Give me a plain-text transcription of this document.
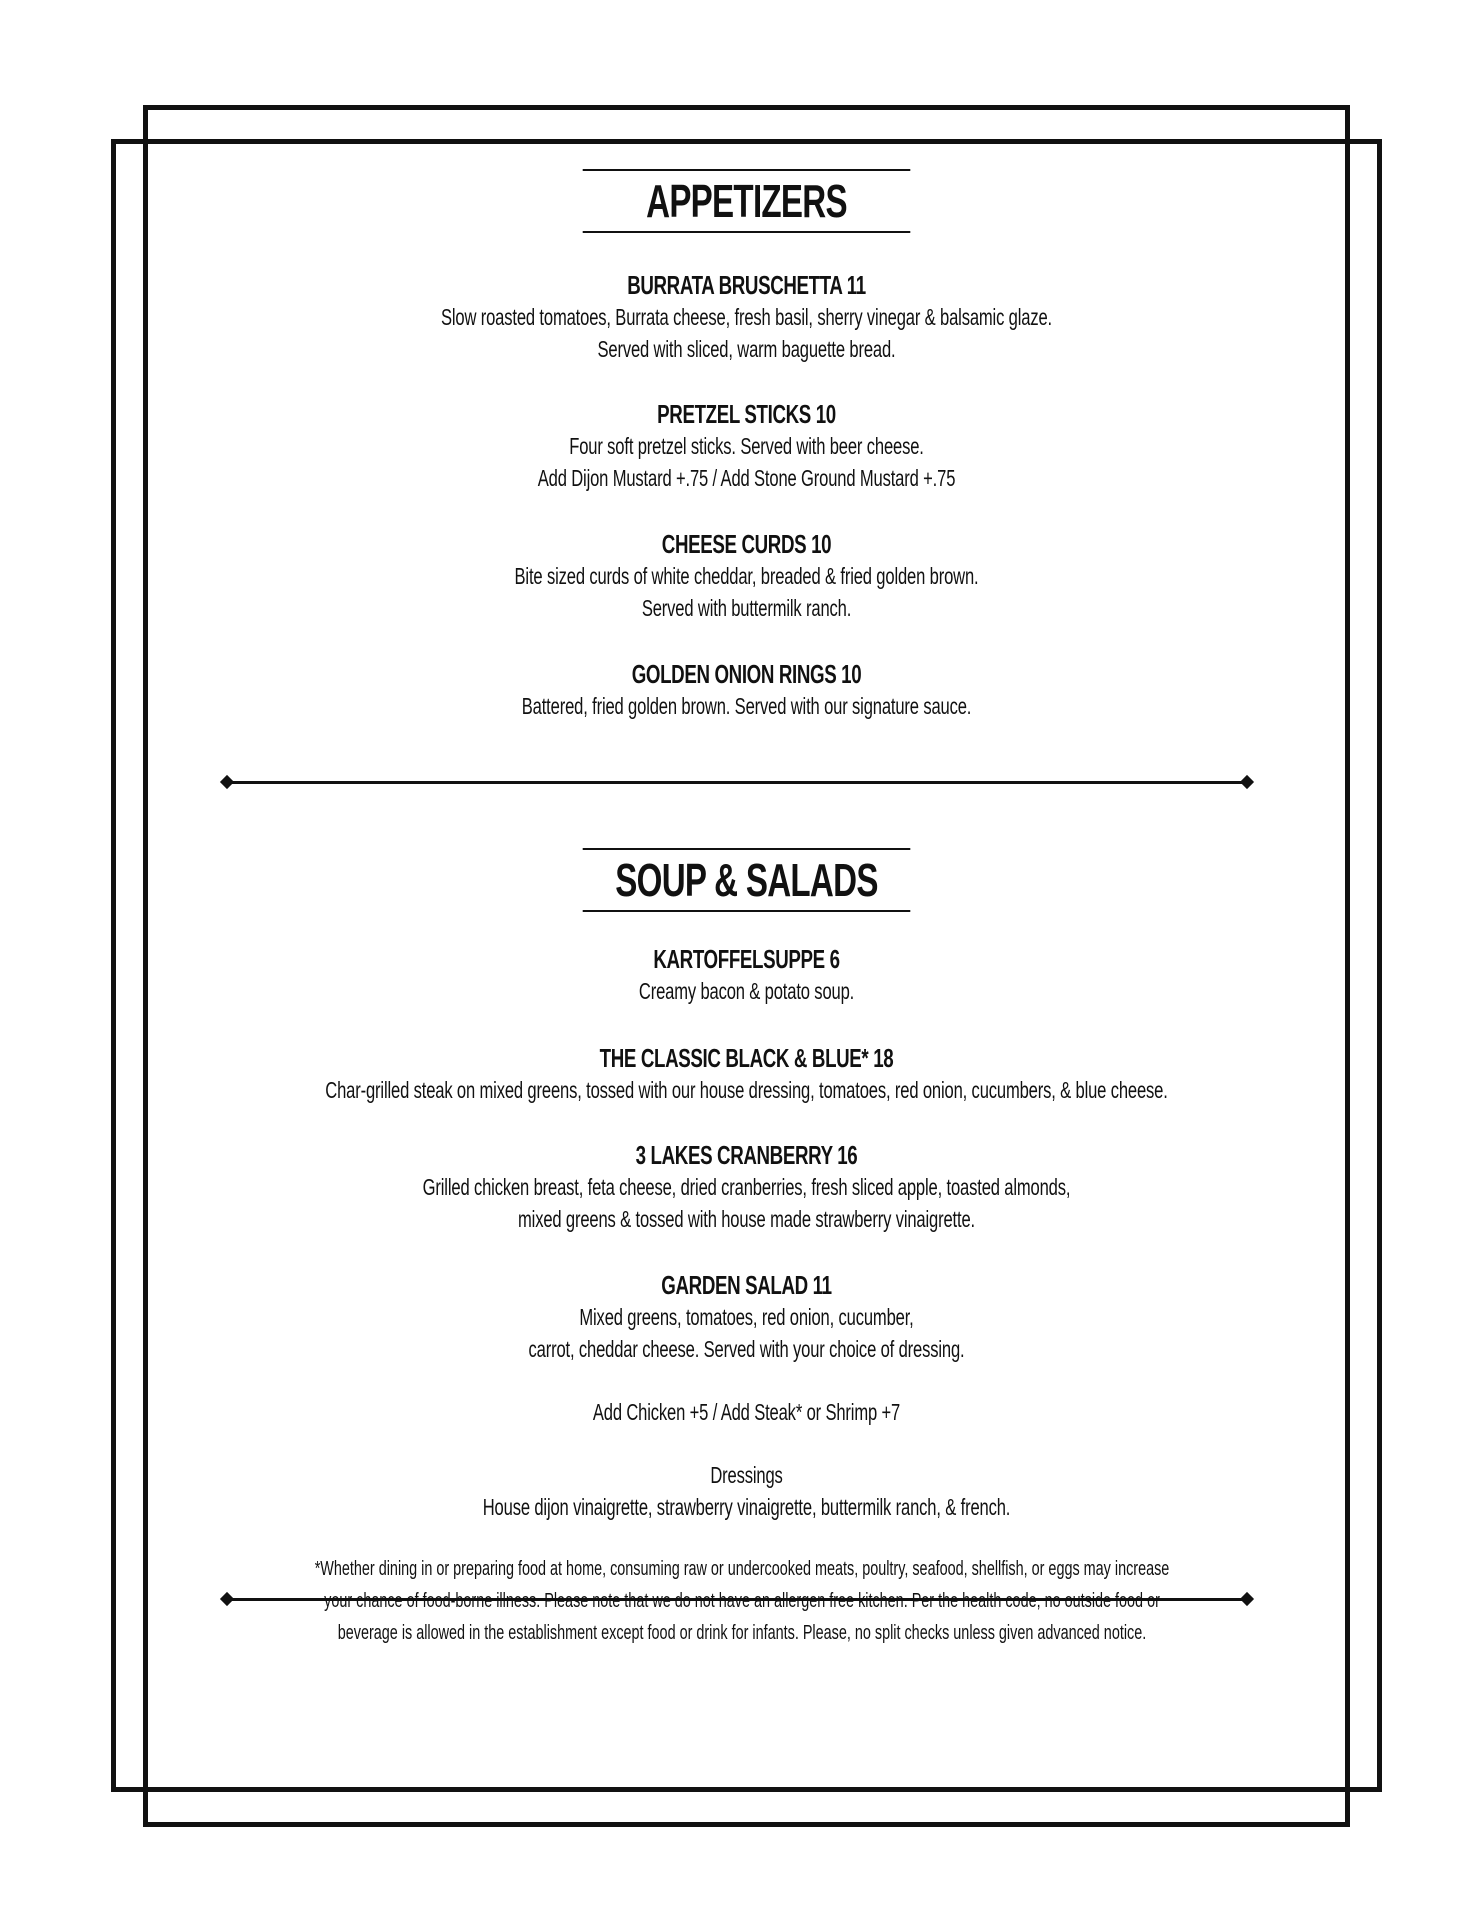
APPETIZERS
BURRATA BRUSCHETTA 11
Slow roasted tomatoes, Burrata cheese, fresh basil, sherry vinegar & balsamic glaze.
Served with sliced, warm baguette bread.
PRETZEL STICKS 10
Four soft pretzel sticks. Served with beer cheese.
Add Dijon Mustard +.75 / Add Stone Ground Mustard +.75
CHEESE CURDS 10
Bite sized curds of white cheddar, breaded & fried golden brown.
Served with buttermilk ranch.
GOLDEN ONION RINGS 10
Battered, fried golden brown. Served with our signature sauce.
SOUP & SALADS
KARTOFFELSUPPE 6
Creamy bacon & potato soup.
THE CLASSIC BLACK & BLUE* 18
Char-grilled steak on mixed greens, tossed with our house dressing, tomatoes, red onion, cucumbers, & blue cheese.
3 LAKES CRANBERRY 16
Grilled chicken breast, feta cheese, dried cranberries, fresh sliced apple, toasted almonds,
mixed greens & tossed with house made strawberry vinaigrette.
GARDEN SALAD 11
Mixed greens, tomatoes, red onion, cucumber,
carrot, cheddar cheese. Served with your choice of dressing.
Add Chicken +5 / Add Steak* or Shrimp +7
Dressings
House dijon vinaigrette, strawberry vinaigrette, buttermilk ranch, & french.
*Whether dining in or preparing food at home, consuming raw or undercooked meats, poultry, seafood, shellfish, or eggs may increase
your chance of food-borne illness. Please note that we do not have an allergen free kitchen. Per the health code, no outside food or
beverage is allowed in the establishment except food or drink for infants. Please, no split checks unless given advanced notice.
